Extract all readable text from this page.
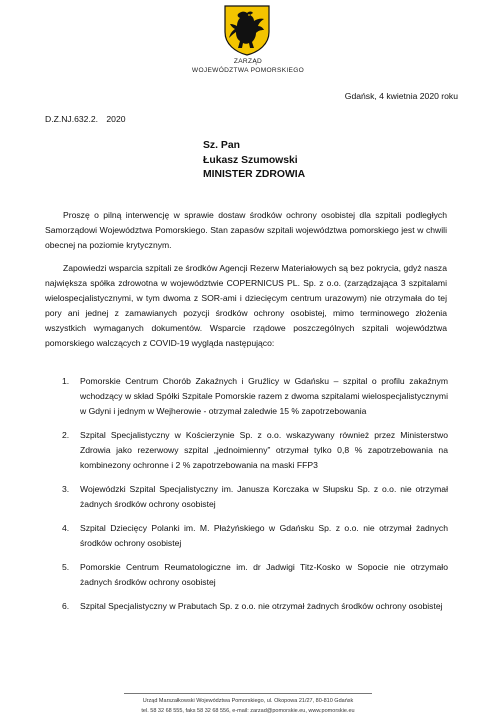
ZARZĄD
WOJEWÓDZTWA POMORSKIEGO
Gdańsk, 4 kwietnia 2020 roku
D.Z.NJ.632.2. 2020
Sz. Pan
Łukasz Szumowski
MINISTER ZDROWIA

Proszę o pilną interwencję w sprawie dostaw środków ochrony osobistej dla szpitali podległych Samorządowi Województwa Pomorskiego. Stan zapasów szpitali województwa pomorskiego jest w chwili obecnej na poziomie krytycznym.

Zapowiedzi wsparcia szpitali ze środków Agencji Rezerw Materiałowych są bez pokrycia, gdyż nasza największa spółka zdrowotna w województwie COPERNICUS PL. Sp. z o.o. (zarządzająca 3 szpitalami wielospecjalistycznymi, w tym dwoma z SOR-ami i dziecięcym centrum urazowym) nie otrzymała do tej pory ani jednej z zamawianych pozycji środków ochrony osobistej, mimo terminowego złożenia wszystkich wymaganych dokumentów. Wsparcie rządowe poszczególnych szpitali województwa pomorskiego walczących z COVID-19 wygląda następująco:

1. Pomorskie Centrum Chorób Zakaźnych i Gruźlicy w Gdańsku – szpital o profilu zakaźnym wchodzący w skład Spółki Szpitale Pomorskie razem z dwoma szpitalami wielospecjalistycznymi w Gdyni i jednym w Wejherowie - otrzymał zaledwie 15 % zapotrzebowania
2. Szpital Specjalistyczny w Kościerzynie Sp. z o.o. wskazywany również przez Ministerstwo Zdrowia jako rezerwowy szpital „jednoimienny” otrzymał tylko 0,8 % zapotrzebowania na kombinezony ochronne i 2 % zapotrzebowania na maski FFP3
3. Wojewódzki Szpital Specjalistyczny im. Janusza Korczaka w Słupsku Sp. z o.o. nie otrzymał żadnych środków ochrony osobistej
4. Szpital Dziecięcy Polanki im. M. Płażyńskiego w Gdańsku Sp. z o.o. nie otrzymał żadnych środków ochrony osobistej
5. Pomorskie Centrum Reumatologiczne im. dr Jadwigi Titz-Kosko w Sopocie nie otrzymało żadnych środków ochrony osobistej
6. Szpital Specjalistyczny w Prabutach Sp. z o.o. nie otrzymał żadnych środków ochrony osobistej
Urząd Marszałkowski Województwa Pomorskiego, ul. Okopowa 21/27, 80-810 Gdańsk
tel. 58 32 68 555, faks 58 32 68 556, e-mail: zarzad@pomorskie.eu, www.pomorskie.eu
